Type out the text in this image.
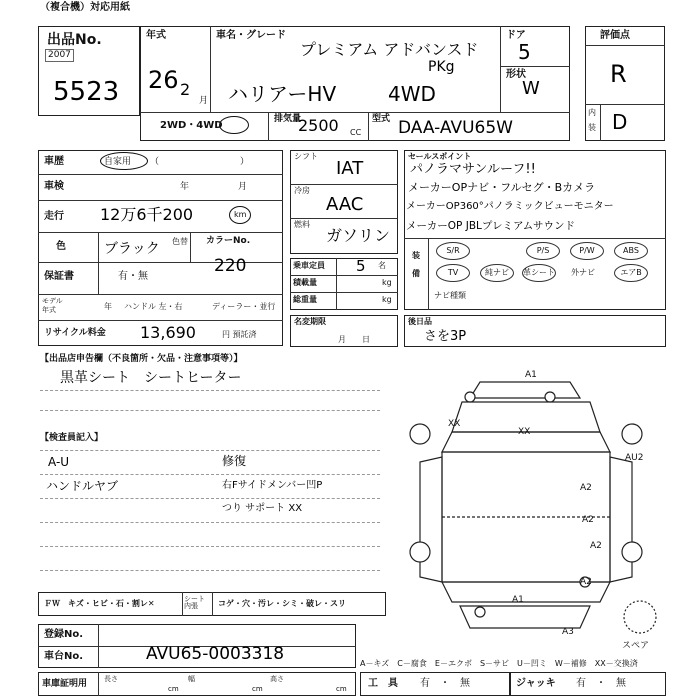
（複合機）対応用紙
出品No.
2007
5523
年式
26 2
月
車名・グレード
プレミアム アドバンスド
PKg
ハリアーHV	4WD
ドア
5
形状
W
2WD・4WD
排気量
2500 CC
型式 DAA-AVU65W
評価点
R
内
装 D
車歴	自家用 （　　　　　　　　　）
車検	年	月
走行 12万6千200	km
色	ブラック 色替 カラーNo.
220
保証書	有・無
モデル
年式	年 ハンドル 左・右	ディーラー・並行
リサイクル料金 13,690	円 預託済
シフト
IAT
冷房
AAC
燃料
ガソリン
乗車定員 5 名
積載量	kg
総重量	kg
名変期限
月　　日
セールスポイント
パノラマサンルーフ!!
メーカーOPナビ・フルセグ・Bカメラ
メーカーOP360°パノラミックビューモニター
メーカーOP JBLプレミアムサウンド
装
備
S/R	P/S	P/W	ABS
TV	純ナビ	革シート	外ナビ	エアB
ナビ種類
後日品
さを3P
【出品店申告欄（不良箇所・欠品・注意事項等）】
黒革シート　シートヒーター
【検査員記入】
A-U
ハンドルヤブ
修復
右Fサイドメンバー凹P
つり サポート XX
A1
XX
XX
AU2
A2
A2
A2
A2
A1
A3
スペア
ＦＷ　キズ・ヒビ・石・割レ✕	シート 内張	コゲ・穴・汚レ・シミ・破レ・スリ
登録No.
車台No.	AVU65-0003318
車庫証明用 長さ
cm
幅
cm
高さ
cm
A－キズ　C－腐食　E－エクボ　S－サビ　U－凹ミ　W－補修　XX－交換済
工　具 有　・　無	ジャッキ 有　・　無
